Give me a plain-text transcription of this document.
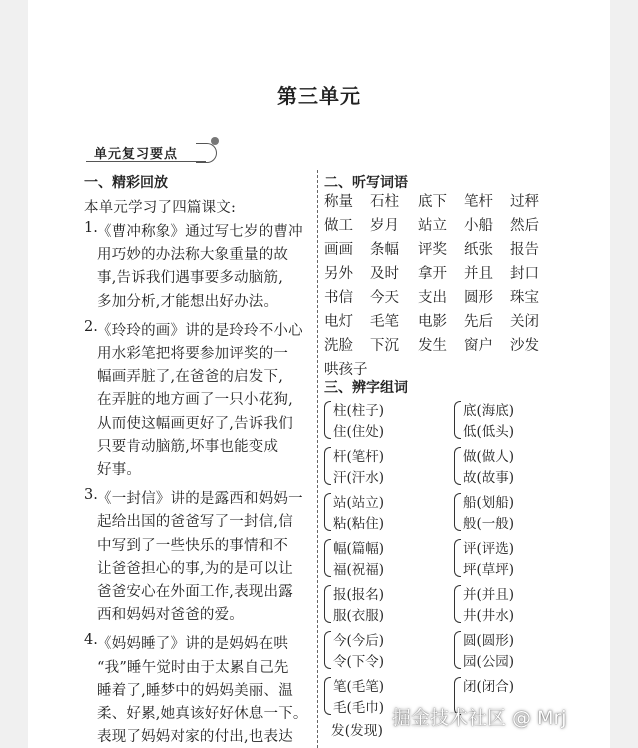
第三单元
单元复习要点
一、精彩回放
本单元学习了四篇课文:
1. 《曹冲称象》通过写七岁的曹冲
用巧妙的办法称大象重量的故
事,告诉我们遇事要多动脑筋,
多加分析,才能想出好办法。
2. 《玲玲的画》讲的是玲玲不小心
用水彩笔把将要参加评奖的一
幅画弄脏了,在爸爸的启发下,
在弄脏的地方画了一只小花狗,
从而使这幅画更好了,告诉我们
只要肯动脑筋,坏事也能变成
好事。
3. 《一封信》讲的是露西和妈妈一
起给出国的爸爸写了一封信,信
中写到了一些快乐的事情和不
让爸爸担心的事,为的是可以让
爸爸安心在外面工作,表现出露
西和妈妈对爸爸的爱。
4. 《妈妈睡了》讲的是妈妈在哄
“我”睡午觉时由于太累自己先
睡着了,睡梦中的妈妈美丽、温
柔、好累,她真该好好休息一下。
表现了妈妈对家的付出,也表达
二、听写词语
称量 石柱 底下 笔杆 过秤
做工 岁月 站立 小船 然后
画画 条幅 评奖 纸张 报告
另外 及时 拿开 并且 封口
书信 今天 支出 圆形 珠宝
电灯 毛笔 电影 先后 关闭
洗脸 下沉 发生 窗户 沙发
哄孩子
三、辨字组词
柱(柱子)
住(住处)
杆(笔杆)
汗(汗水)
站(站立)
粘(粘住)
幅(篇幅)
福(祝福)
报(报名)
服(衣服)
今(今后)
令(下令)
笔(毛笔)
毛(毛巾)
底(海底)
低(低头)
做(做人)
故(故事)
船(划船)
般(一般)
评(评选)
坪(草坪)
并(并且)
井(井水)
圆(圆形)
园(公园)
闭(闭合)
发(发现)
掘金技术社区 @ Mrj
